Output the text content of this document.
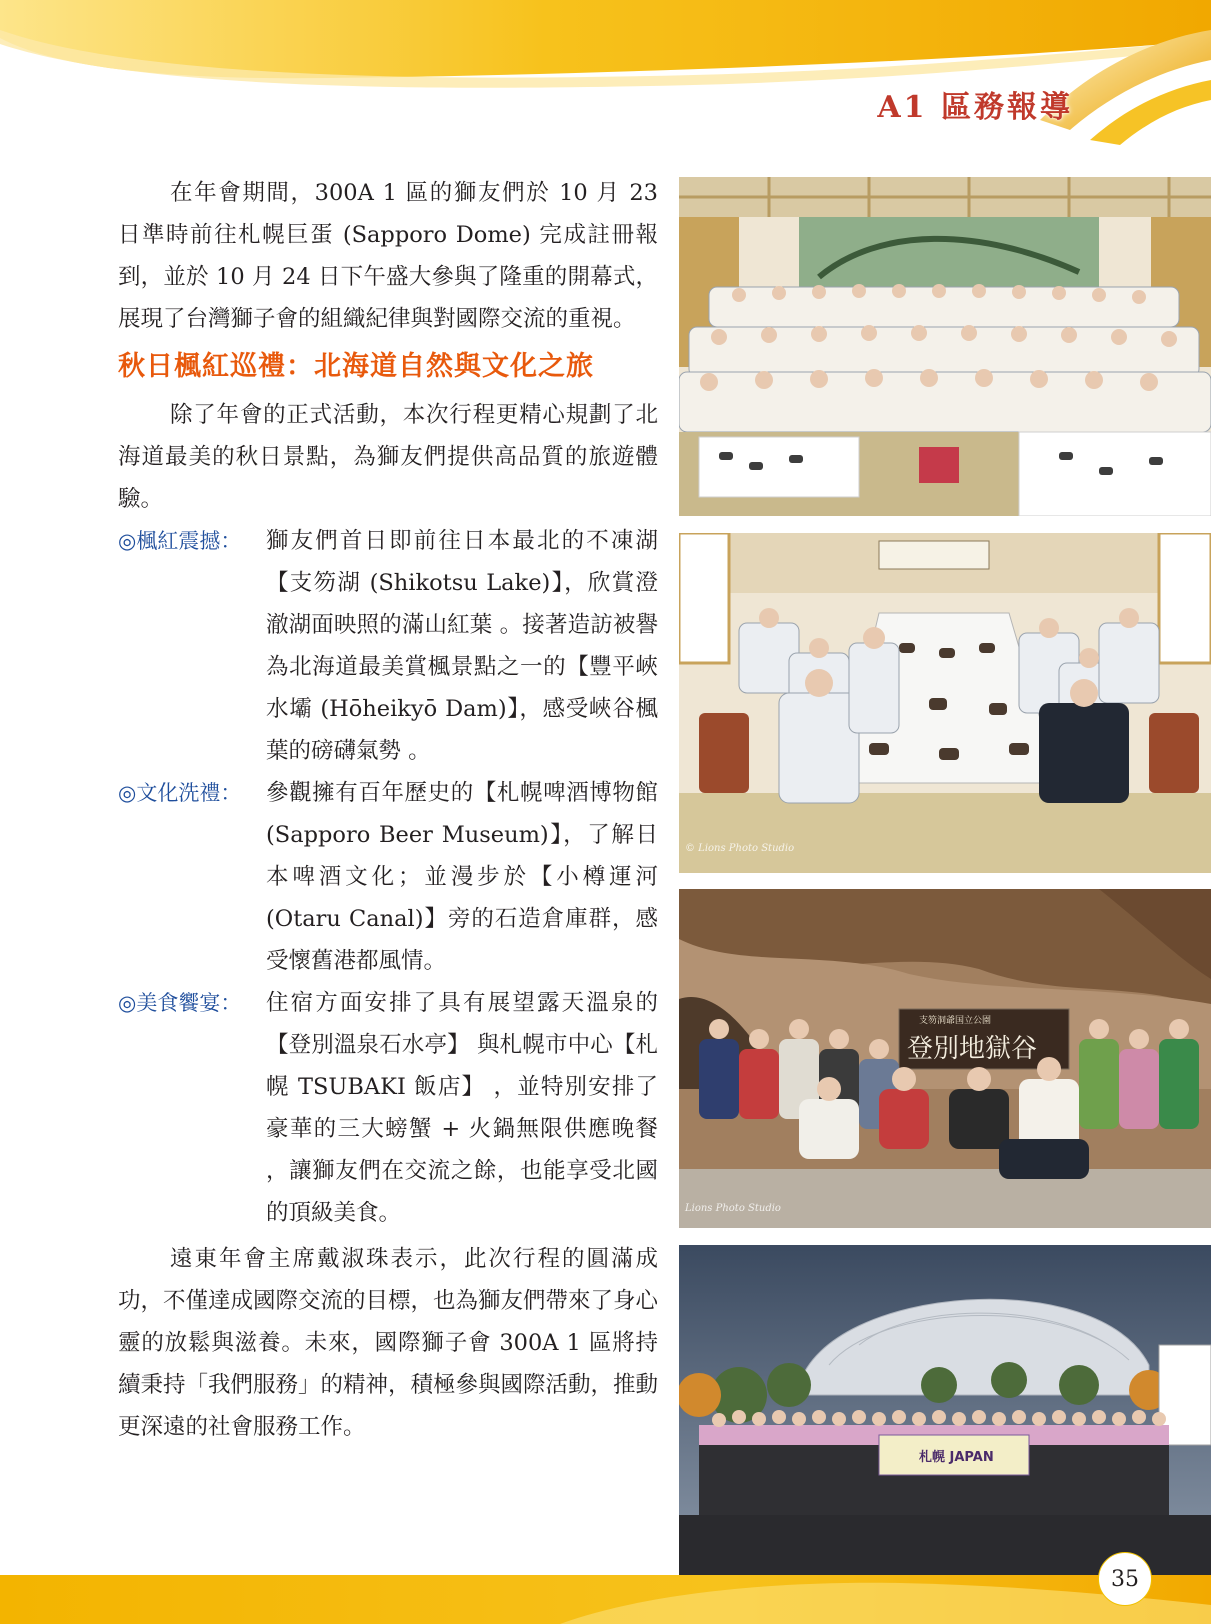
A1 區務報導

在年會期間，300A 1 區的獅友們於 10 月 23 日準時前往札幌巨蛋 (Sapporo Dome) 完成註冊報到，並於 10 月 24 日下午盛大參與了隆重的開幕式，展現了台灣獅子會的組織紀律與對國際交流的重視。

秋日楓紅巡禮：北海道自然與文化之旅

除了年會的正式活動，本次行程更精心規劃了北海道最美的秋日景點，為獅友們提供高品質的旅遊體驗。

◎楓紅震撼：	獅友們首日即前往日本最北的不凍湖【支笏湖 (Shikotsu Lake)】，欣賞澄澈湖面映照的滿山紅葉 。接著造訪被譽為北海道最美賞楓景點之一的【豐平峽水壩 (Hōheikyō Dam)】，感受峽谷楓葉的磅礴氣勢 。
◎文化洗禮：	參觀擁有百年歷史的【札幌啤酒博物館 (Sapporo Beer Museum)】，了解日本啤酒文化；並漫步於【小樽運河 (Otaru Canal)】旁的石造倉庫群，感受懷舊港都風情。
◎美食饗宴：	住宿方面安排了具有展望露天溫泉的【登別溫泉石水亭】 與札幌市中心【札幌 TSUBAKI 飯店】 ，並特別安排了豪華的三大螃蟹 + 火鍋無限供應晚餐 ，讓獅友們在交流之餘，也能享受北國的頂級美食。

遠東年會主席戴淑珠表示，此次行程的圓滿成功，不僅達成國際交流的目標，也為獅友們帶來了身心靈的放鬆與滋養。未來，國際獅子會 300A 1 區將持續秉持「我們服務」的精神，積極參與國際活動，推動更深遠的社會服務工作。

© Lions Photo Studio
支笏洞爺国立公園
登別地獄谷
Lions Photo Studio
札幌 JAPAN
35
